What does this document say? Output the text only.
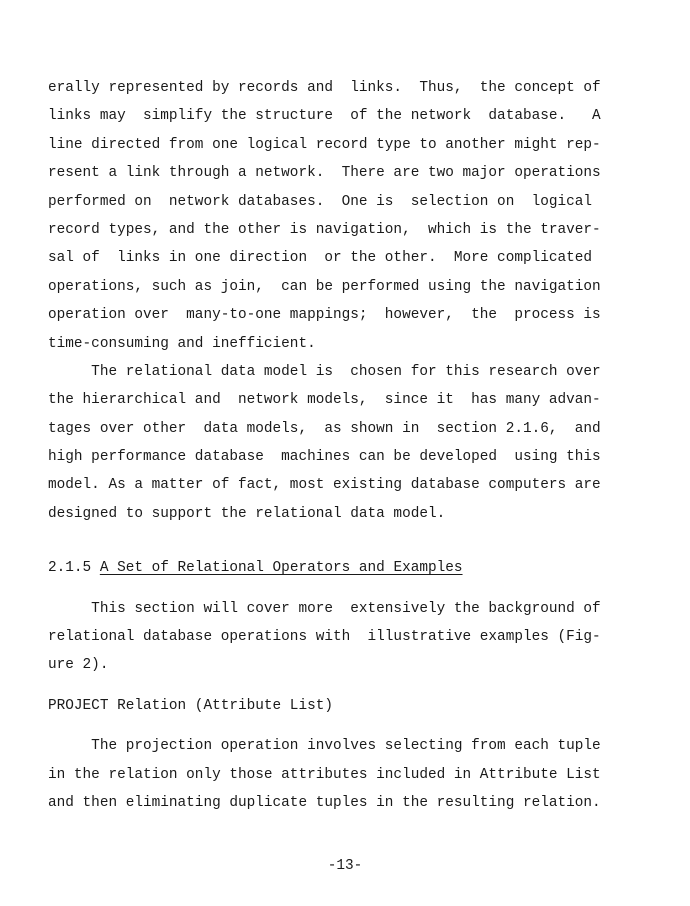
erally represented by records and  links.  Thus,  the concept of
links may  simplify the structure  of the network  database.   A
line directed from one logical record type to another might rep-
resent a link through a network.  There are two major operations
performed on  network databases.  One is  selection on  logical
record types, and the other is navigation,  which is the traver-
sal of  links in one direction  or the other.  More complicated
operations, such as join,  can be performed using the navigation
operation over  many-to-one mappings;  however,  the  process is
time-consuming and inefficient.
The relational data model is  chosen for this research over
the hierarchical and  network models,  since it  has many advan-
tages over other  data models,  as shown in  section 2.1.6,  and
high performance database  machines can be developed  using this
model. As a matter of fact, most existing database computers are
designed to support the relational data model.
2.1.5 A Set of Relational Operators and Examples
This section will cover more  extensively the background of
relational database operations with  illustrative examples (Fig-
ure 2).
PROJECT Relation (Attribute List)
The projection operation involves selecting from each tuple
in the relation only those attributes included in Attribute List
and then eliminating duplicate tuples in the resulting relation.
-13-
